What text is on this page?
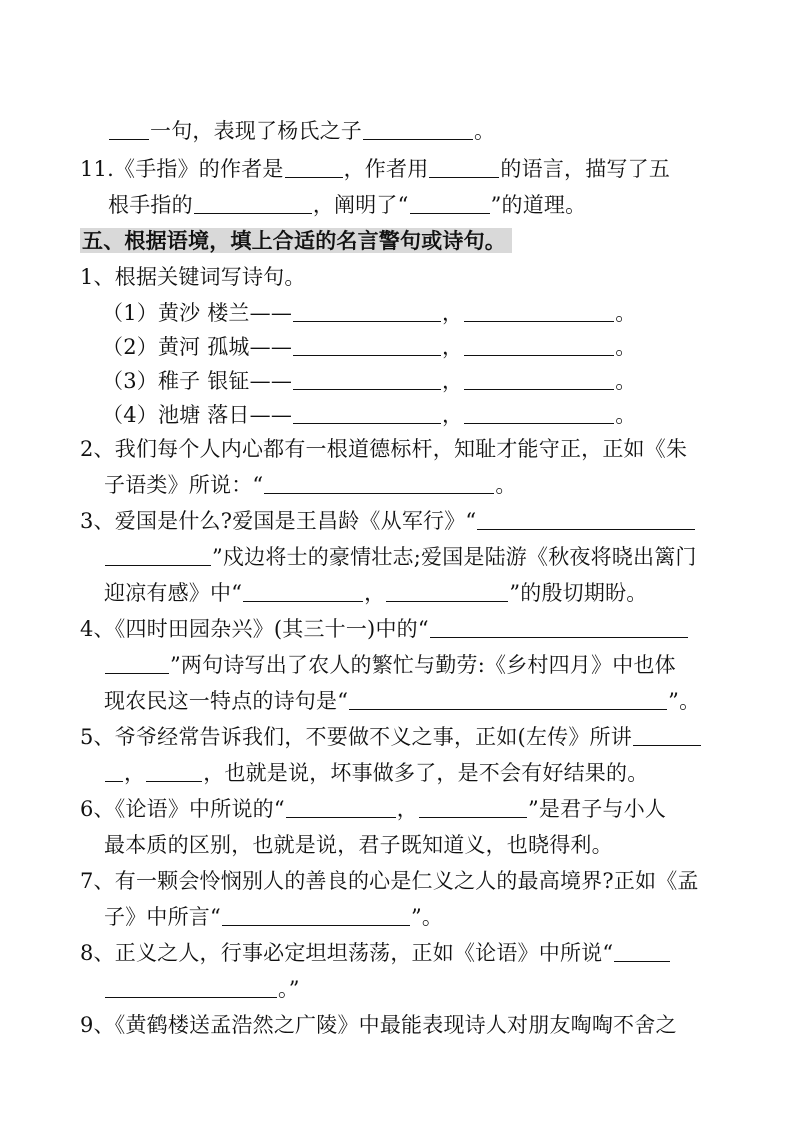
一句，表现了杨氏之子	。
11.《手指》的作者是	，作者用	的语言，描写了五
根手指的	，阐明了“	”的道理。
五、根据语境，填上合适的名言警句或诗句。
1、根据关键词写诗句。
（1）黄沙 楼兰——	，	。
（2）黄河 孤城——	，	。
（3）稚子 银钲——	，	。
（4）池塘 落日——	，	。
2、我们每个人内心都有一根道德标杆，知耻才能守正，正如《朱
子语类》所说：“	。
3、爱国是什么?爱国是王昌龄《从军行》“
”戍边将士的豪情壮志;爱国是陆游《秋夜将晓出篱门
迎凉有感》中“	，	”的殷切期盼。
4、《四时田园杂兴》(其三十一)中的“
”两句诗写出了农人的繁忙与勤劳:《乡村四月》中也体
现农民这一特点的诗句是“	”。
5、爷爷经常告诉我们，不要做不义之事，正如(左传》所讲
，	，也就是说，坏事做多了，是不会有好结果的。
6、《论语》中所说的“	，	”是君子与小人
最本质的区别，也就是说，君子既知道义，也晓得利。
7、有一颗会怜悯别人的善良的心是仁义之人的最高境界?正如《孟
子》中所言“	”。
8、正义之人，行事必定坦坦荡荡，正如《论语》中所说“
。”
9、《黄鹤楼送孟浩然之广陵》中最能表现诗人对朋友啕啕不舍之
